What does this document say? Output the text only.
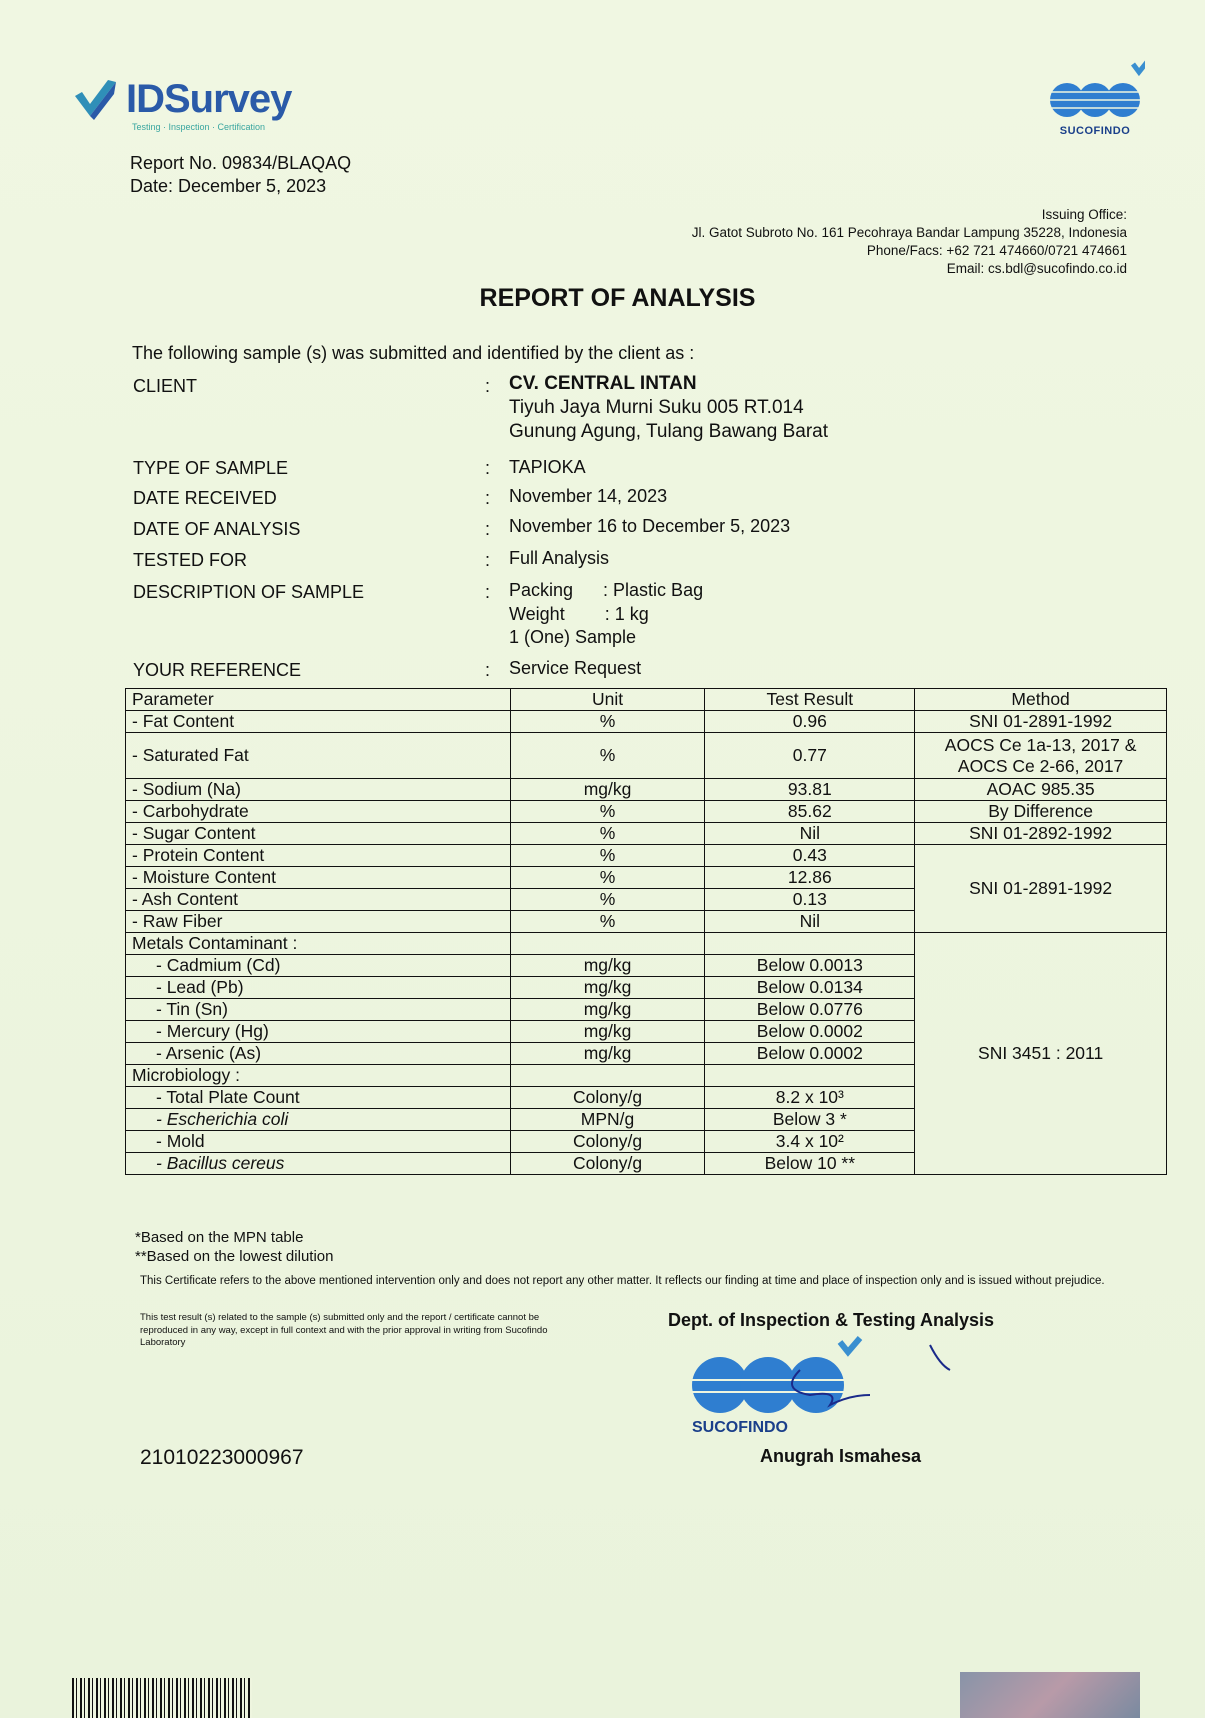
IDSurvey
Testing · Inspection · Certification	SUCOFINDO
Report No. 09834/BLAQAQ
Date: December 5, 2023
Issuing Office:
Jl. Gatot Subroto No. 161 Pecohraya Bandar Lampung 35228, Indonesia
Phone/Facs: +62 721 474660/0721 474661
Email: cs.bdl@sucofindo.co.id
REPORT OF ANALYSIS
The following sample (s) was submitted and identified by the client as :
CLIENT	: CV. CENTRAL INTAN
Tiyuh Jaya Murni Suku 005 RT.014
Gunung Agung, Tulang Bawang Barat
TYPE OF SAMPLE	: TAPIOKA
DATE RECEIVED	: November 14, 2023
DATE OF ANALYSIS	: November 16 to December 5, 2023
TESTED FOR	: Full Analysis
DESCRIPTION OF SAMPLE	: Packing      : Plastic Bag
Weight        : 1 kg
1 (One) Sample
YOUR REFERENCE	: Service Request
Parameter	Unit	Test Result	Method
- Fat Content	%	0.96	SNI 01-2891-1992
- Saturated Fat	%	0.77	AOCS Ce 1a-13, 2017 & AOCS Ce 2-66, 2017
- Sodium (Na)	mg/kg	93.81	AOAC 985.35
- Carbohydrate	%	85.62	By Difference
- Sugar Content	%	Nil	SNI 01-2892-1992
- Protein Content	%	0.43	SNI 01-2891-1992
- Moisture Content	%	12.86	
- Ash Content	%	0.13	
- Raw Fiber	%	Nil	
Metals Contaminant :			SNI 3451 : 2011
- Cadmium (Cd)	mg/kg	Below 0.0013	
- Lead (Pb)	mg/kg	Below 0.0134	
- Tin (Sn)	mg/kg	Below 0.0776	
- Mercury (Hg)	mg/kg	Below 0.0002	
- Arsenic (As)	mg/kg	Below 0.0002	
Microbiology :			
- Total Plate Count	Colony/g	8.2 x 10³	
- Escherichia coli	MPN/g	Below 3 *	
- Mold	Colony/g	3.4 x 10²	
- Bacillus cereus	Colony/g	Below 10 **	
*Based on the MPN table
**Based on the lowest dilution
This Certificate refers to the above mentioned intervention only and does not report any other matter. It reflects our finding at time and place of inspection only and is issued without prejudice.
This test result (s) related to the sample (s) submitted only and the report / certificate cannot be reproduced in any way, except in full context and with the prior approval in writing from Sucofindo Laboratory
Dept. of Inspection & Testing Analysis
SUCOFINDO
Anugrah Ismahesa
21010223000967
